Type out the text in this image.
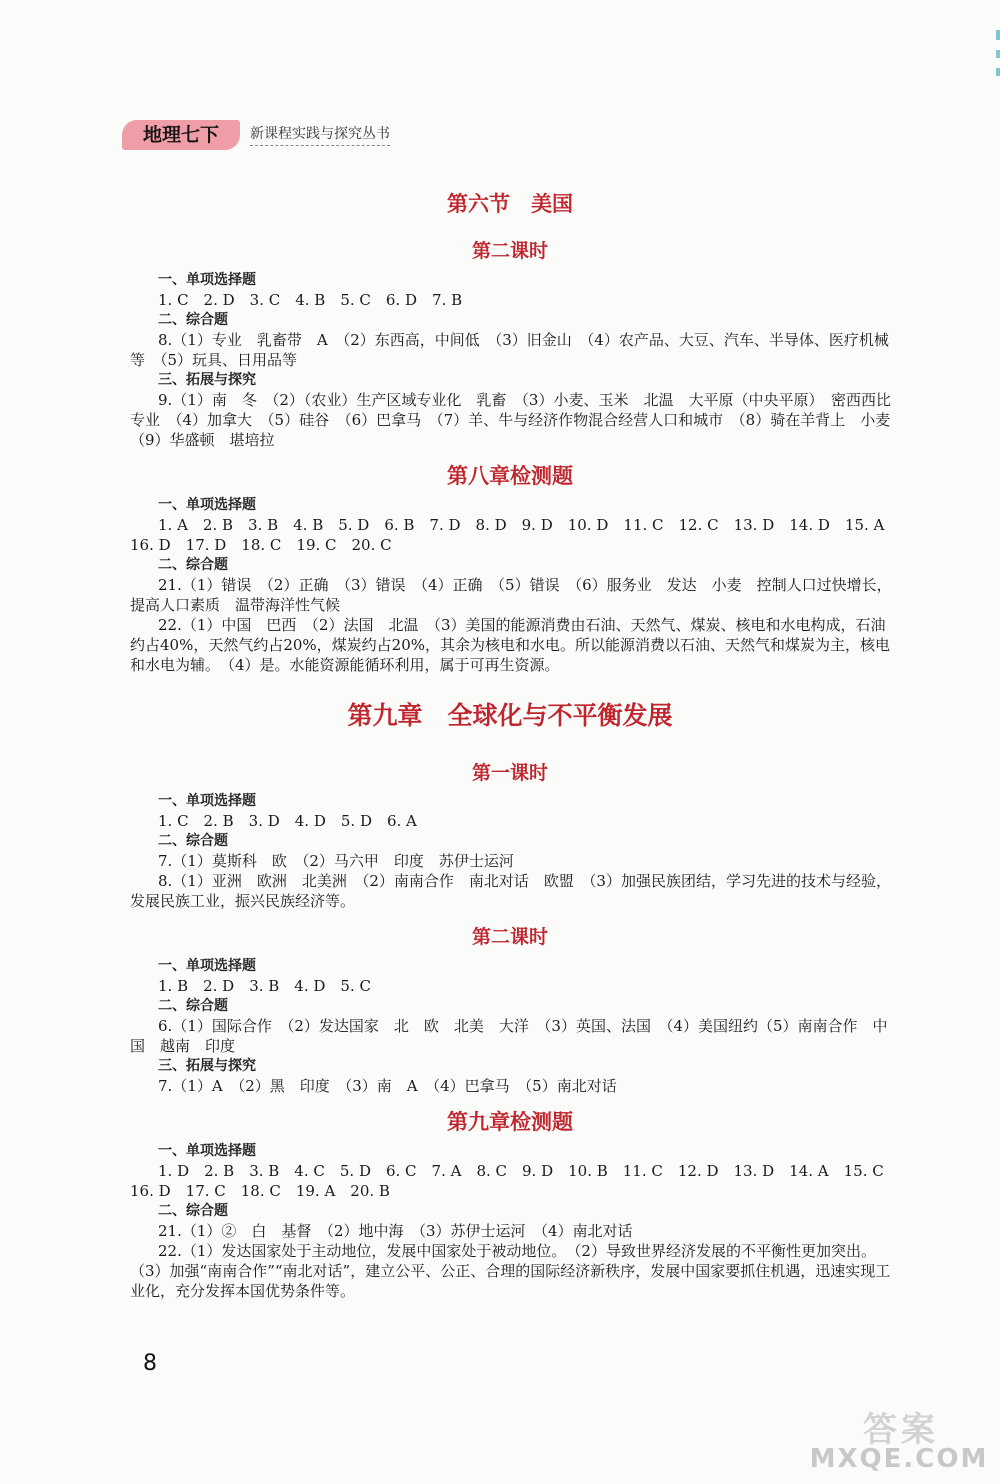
地理七下	新课程实践与探究丛书
第六节　美国
第二课时

一、单项选择题

1. C　2. D　3. C　4. B　5. C　6. D　7. B

二、综合题

8.（1）专业　乳畜带　A　（2）东西高，中间低　（3）旧金山　（4）农产品、大豆、汽车、半导体、医疗机械等　（5）玩具、日用品等

三、拓展与探究

9.（1）南　冬　（2）（农业）生产区域专业化　乳畜　（3）小麦、玉米　北温　大平原（中央平原）　密西西比　专业　（4）加拿大　（5）硅谷　（6）巴拿马　（7）羊、牛与经济作物混合经营人口和城市　（8）骑在羊背上　小麦　（9）华盛顿　堪培拉

第八章检测题

一、单项选择题

1. A　2. B　3. B　4. B　5. D　6. B　7. D　8. D　9. D　10. D　11. C　12. C　13. D　14. D　15. A　16. D　17. D　18. C　19. C　20. C

二、综合题

21.（1）错误　（2）正确　（3）错误　（4）正确　（5）错误　（6）服务业　发达　小麦　控制人口过快增长，提高人口素质　温带海洋性气候

22.（1）中国　巴西　（2）法国　北温　（3）美国的能源消费由石油、天然气、煤炭、核电和水电构成，石油约占40%，天然气约占20%，煤炭约占20%，其余为核电和水电。所以能源消费以石油、天然气和煤炭为主，核电和水电为辅。　（4）是。水能资源能循环利用，属于可再生资源。

第九章　全球化与不平衡发展
第一课时

一、单项选择题

1. C　2. B　3. D　4. D　5. D　6. A

二、综合题

7.（1）莫斯科　欧　（2）马六甲　印度　苏伊士运河

8.（1）亚洲　欧洲　北美洲　（2）南南合作　南北对话　欧盟　（3）加强民族团结，学习先进的技术与经验，发展民族工业，振兴民族经济等。

第二课时

一、单项选择题

1. B　2. D　3. B　4. D　5. C

二、综合题

6.（1）国际合作　（2）发达国家　北　欧　北美　大洋　（3）英国、法国　（4）美国纽约（5）南南合作　中国　越南　印度

三、拓展与探究

7.（1）A　（2）黑　印度　（3）南　A　（4）巴拿马　（5）南北对话

第九章检测题

一、单项选择题

1. D　2. B　3. B　4. C　5. D　6. C　7. A　8. C　9. D　10. B　11. C　12. D　13. D　14. A　15. C　16. D　17. C　18. C　19. A　20. B

二、综合题

21.（1）②　白　基督　（2）地中海　（3）苏伊士运河　（4）南北对话

22.（1）发达国家处于主动地位，发展中国家处于被动地位。　（2）导致世界经济发展的不平衡性更加突出。　（3）加强“南南合作”“南北对话”，建立公平、公正、合理的国际经济新秩序，发展中国家要抓住机遇，迅速实现工业化，充分发挥本国优势条件等。

8
答案
MXQE.COM
